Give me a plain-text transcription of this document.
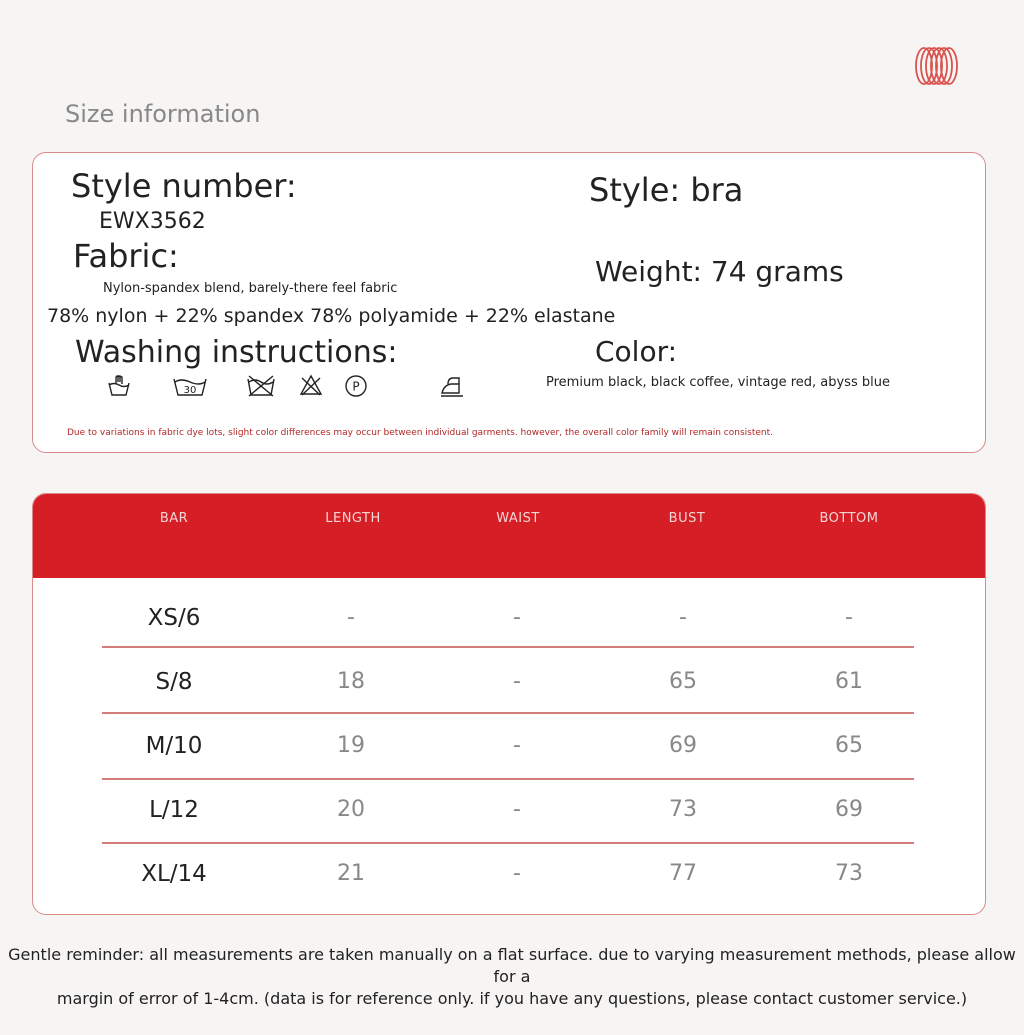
Size information
Style number:
EWX3562
Fabric:
Nylon-spandex blend, barely-there feel fabric
78% nylon + 22% spandex 78% polyamide + 22% elastane
Washing instructions:
30	P
Style: bra
Weight: 74 grams
Color:
Premium black, black coffee, vintage red, abyss blue
Due to variations in fabric dye lots, slight color differences may occur between individual garments. however, the overall color family will remain consistent.
BAR	LENGTH	WAIST	BUST	BOTTOM
XS/6	-	-	-	-
S/8	18	-	65	61
M/10	19	-	69	65
L/12	20	-	73	69
XL/14	21	-	77	73
Gentle reminder: all measurements are taken manually on a flat surface. due to varying measurement methods, please allow for a
margin of error of 1-4cm. (data is for reference only. if you have any questions, please contact customer service.)
